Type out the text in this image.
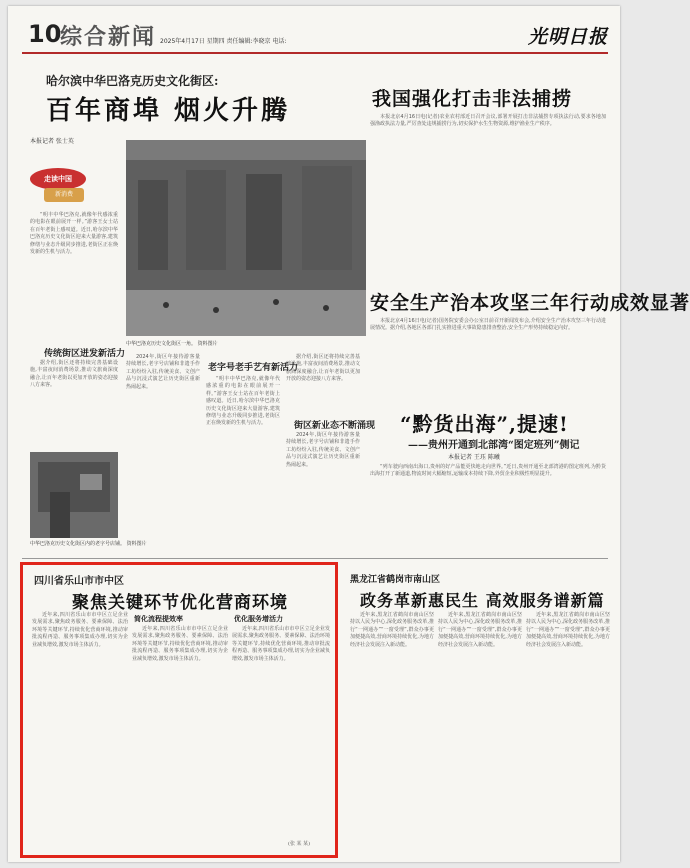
10
综合新闻 2025年4月17日 星期四 责任编辑:李晓京 电话:	光明日报
哈尔滨中华巴洛克历史文化街区:
百年商埠 烟火升腾
本报记者 张士英
走读中国
新消费

“明丰中华巴洛克,就像年代感浓重的电影在眼前展开一样。”游客王女士站在百年老街上感叹道。近日,哈尔滨中华巴洛克历史文化街区迎来大量游客,建筑修缮与业态升级同步推进,老街区正在焕发新的生机与活力。

传统街区迸发新活力

据介绍,街区还将持续完善基础设施,丰富夜间消费场景,推动文旅商深度融合,让百年老街以更加开放的姿态迎接八方来客。

中华巴洛克历史文化街区一角。 资料图片

2024年,街区年接待游客量持续增长,老字号店铺和非遗手作工坊纷纷入驻,传统美食、文创产品与沉浸式演艺让历史街区重新热闹起来。

老字号老手艺有新活力

“明丰中华巴洛克,就像年代感浓重的电影在眼前展开一样。”游客王女士站在百年老街上感叹道。近日,哈尔滨中华巴洛克历史文化街区迎来大量游客,建筑修缮与业态升级同步推进,老街区正在焕发新的生机与活力。

据介绍,街区还将持续完善基础设施,丰富夜间消费场景,推动文旅商深度融合,让百年老街以更加开放的姿态迎接八方来客。

街区新业态不断涌现

2024年,街区年接待游客量持续增长,老字号店铺和非遗手作工坊纷纷入驻,传统美食、文创产品与沉浸式演艺让历史街区重新热闹起来。

中华巴洛克历史文化街区内的老字号店铺。 资料图片
我国强化打击非法捕捞

本报北京4月16日电(记者)农业农村部近日召开会议,部署开展打击非法捕捞专项执法行动,要求各地加强渔政执法力量,严厉查处违规捕捞行为,切实保护水生生物资源,维护渔业生产秩序。

安全生产治本攻坚三年行动成效显著

本报北京4月16日电(记者)国务院安委会办公室日前召开新闻发布会,介绍安全生产治本攻坚三年行动进展情况。据介绍,各地区各部门扎实推进重大事故隐患排查整治,安全生产形势持续稳定向好。

“黔货出海”,提速!
——贵州开通到北部湾“图定班列”侧记
本报记者 王珏 陈曦

“列车驶向西南出海口,贵州的好产品能更快地走向世界。”近日,贵州开通至北部湾港的图定班列,为黔货出海打开了新通道,物流时间大幅缩短,运输成本持续下降,外贸企业积极性明显提升。

四川省乐山市市中区
聚焦关键环节优化营商环境

近年来,四川省乐山市市中区立足企业发展需求,聚焦政务服务、要素保障、法治环境等关键环节,持续优化营商环境,推动审批流程再造、服务事项集成办理,切实为企业减负增效,激发市场主体活力。

简化流程提效率

近年来,四川省乐山市市中区立足企业发展需求,聚焦政务服务、要素保障、法治环境等关键环节,持续优化营商环境,推动审批流程再造、服务事项集成办理,切实为企业减负增效,激发市场主体活力。

优化服务增活力

近年来,四川省乐山市市中区立足企业发展需求,聚焦政务服务、要素保障、法治环境等关键环节,持续优化营商环境,推动审批流程再造、服务事项集成办理,切实为企业减负增效,激发市场主体活力。

(张 某 某)
黑龙江省鹤岗市南山区
政务革新惠民生 高效服务谱新篇

近年来,黑龙江省鹤岗市南山区坚持以人民为中心,深化政务服务改革,推行“一网通办”“一窗受理”,群众办事更加便捷高效,营商环境持续优化,为地方经济社会发展注入新动能。

近年来,黑龙江省鹤岗市南山区坚持以人民为中心,深化政务服务改革,推行“一网通办”“一窗受理”,群众办事更加便捷高效,营商环境持续优化,为地方经济社会发展注入新动能。

近年来,黑龙江省鹤岗市南山区坚持以人民为中心,深化政务服务改革,推行“一网通办”“一窗受理”,群众办事更加便捷高效,营商环境持续优化,为地方经济社会发展注入新动能。
